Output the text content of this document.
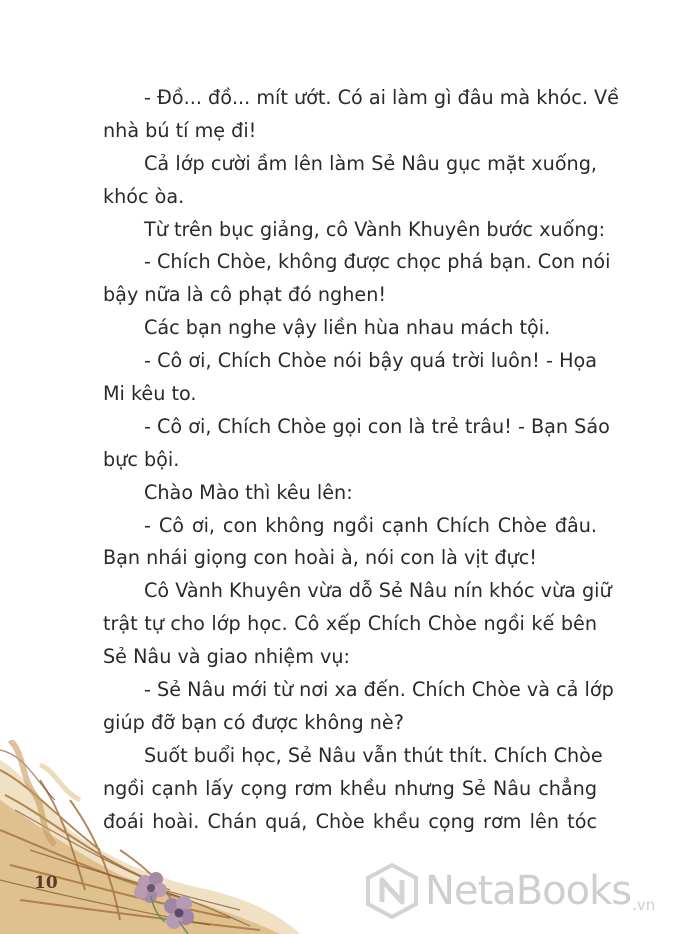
- Đồ... đồ... mít ướt. Có ai làm gì đâu mà khóc. Về
nhà bú tí mẹ đi!
Cả lớp cười ầm lên làm Sẻ Nâu gục mặt xuống,
khóc òa.
Từ trên bục giảng, cô Vành Khuyên bước xuống:
- Chích Chòe, không được chọc phá bạn. Con nói
bậy nữa là cô phạt đó nghen!
Các bạn nghe vậy liền hùa nhau mách tội.
- Cô ơi, Chích Chòe nói bậy quá trời luôn! - Họa
Mi kêu to.
- Cô ơi, Chích Chòe gọi con là trẻ trâu! - Bạn Sáo
bực bội.
Chào Mào thì kêu lên:
- Cô ơi, con không ngồi cạnh Chích Chòe đâu.
Bạn nhái giọng con hoài à, nói con là vịt đực!
Cô Vành Khuyên vừa dỗ Sẻ Nâu nín khóc vừa giữ
trật tự cho lớp học. Cô xếp Chích Chòe ngồi kế bên
Sẻ Nâu và giao nhiệm vụ:
- Sẻ Nâu mới từ nơi xa đến. Chích Chòe và cả lớp
giúp đỡ bạn có được không nè?
Suốt buổi học, Sẻ Nâu vẫn thút thít. Chích Chòe
ngồi cạnh lấy cọng rơm khều nhưng Sẻ Nâu chẳng
đoái hoài. Chán quá, Chòe khều cọng rơm lên tóc
10	NetaBooks .vn
